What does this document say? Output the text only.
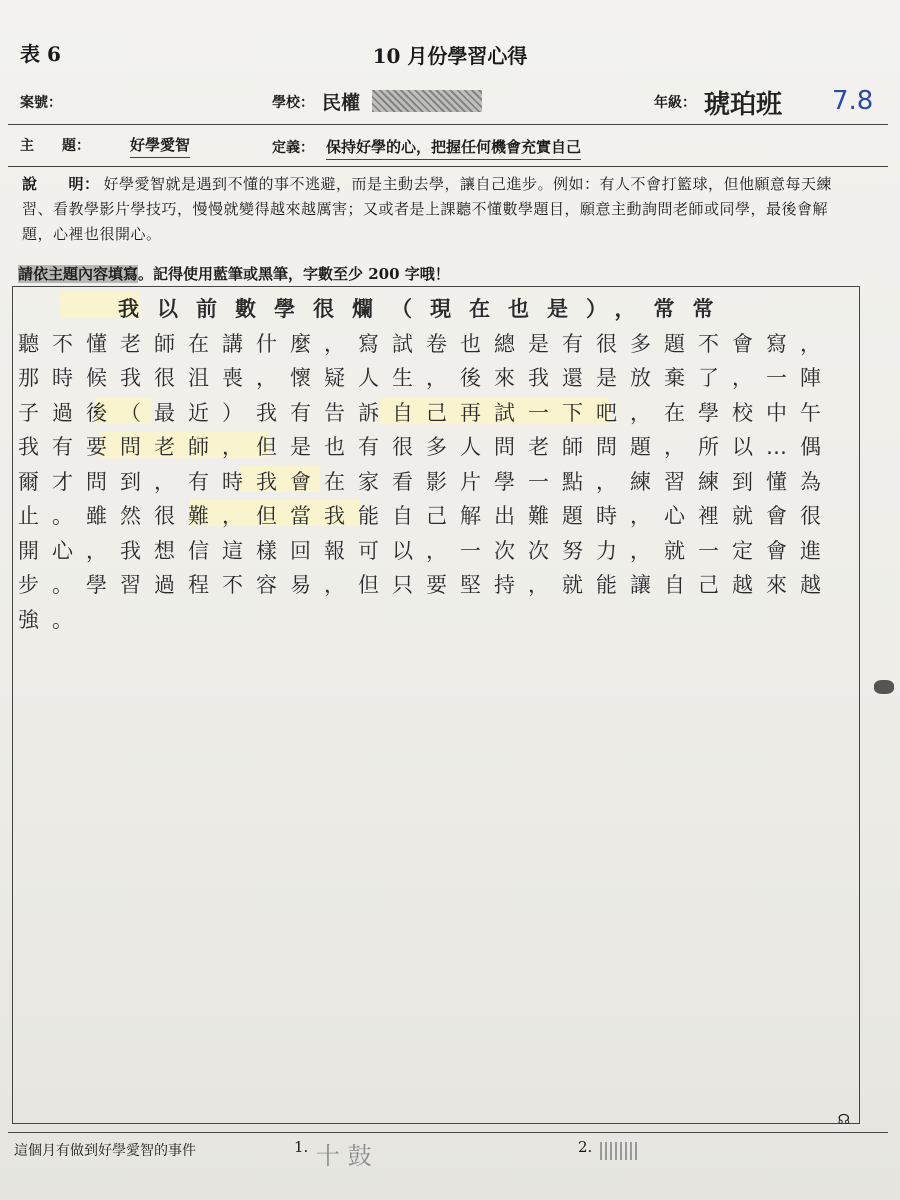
表 6	10 月份學習心得
案號：	學校： 民權	年級： 琥珀班 7.8
主　　題：	好學愛智	定義： 保持好學的心，把握任何機會充實自己
說　　明： 好學愛智就是遇到不懂的事不逃避，而是主動去學，讓自己進步。例如：有人不會打籃球，但他願意每天練習、看教學影片學技巧，慢慢就變得越來越厲害；又或者是上課聽不懂數學題目，願意主動詢問老師或同學，最後會解題，心裡也很開心。
請依主題內容填寫。記得使用藍筆或黑筆，字數至少 200 字哦！
我以前數學很爛（現在也是），常常
聽不懂老師在講什麼，寫試卷也總是有很多題不會寫，那時候我很沮喪，懷疑人生，後來我還是放棄了，一陣子過後（最近）我有告訴自己再試一下吧，在學校中午我有要問老師，但是也有很多人問老師問題，所以…偶爾才問到，有時我會在家看影片學一點，練習練到懂為止。雖然很難，但當我能自己解出難題時，心裡就會很開心，我想信這樣回報可以，一次次努力，就一定會進步。學習過程不容易，但只要堅持，就能讓自己越來越強。
☊
這個月有做到好學愛智的事件	1. 十 鼓	2.
